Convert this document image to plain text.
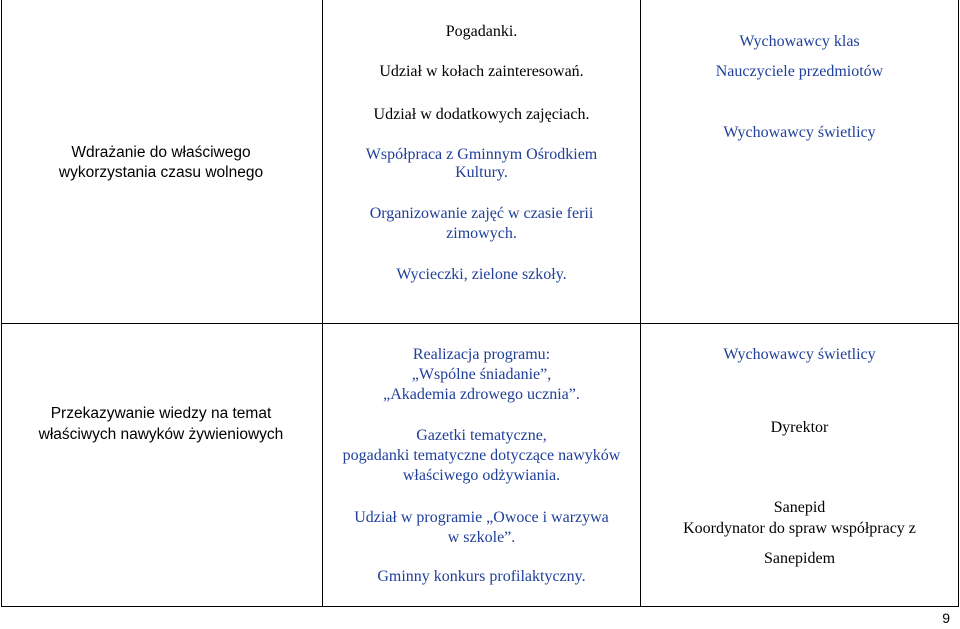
Wdrażanie do właściwego
wykorzystania czasu wolnego
Pogadanki.
Udział w kołach zainteresowań.
Udział w dodatkowych zajęciach.
Współpraca z Gminnym Ośrodkiem
Kultury.
Organizowanie zajęć w czasie ferii
zimowych.
Wycieczki, zielone szkoły.
Wychowawcy klas
Nauczyciele przedmiotów
Wychowawcy świetlicy
Przekazywanie wiedzy na temat
właściwych nawyków żywieniowych
Realizacja programu:
„Wspólne śniadanie”,
„Akademia zdrowego ucznia”.
Gazetki tematyczne,
pogadanki tematyczne dotyczące nawyków
właściwego odżywiania.
Udział w programie „Owoce i warzywa
w szkole”.
Gminny konkurs profilaktyczny.
Wychowawcy świetlicy
Dyrektor
Sanepid
Koordynator do spraw współpracy z
Sanepidem
9
